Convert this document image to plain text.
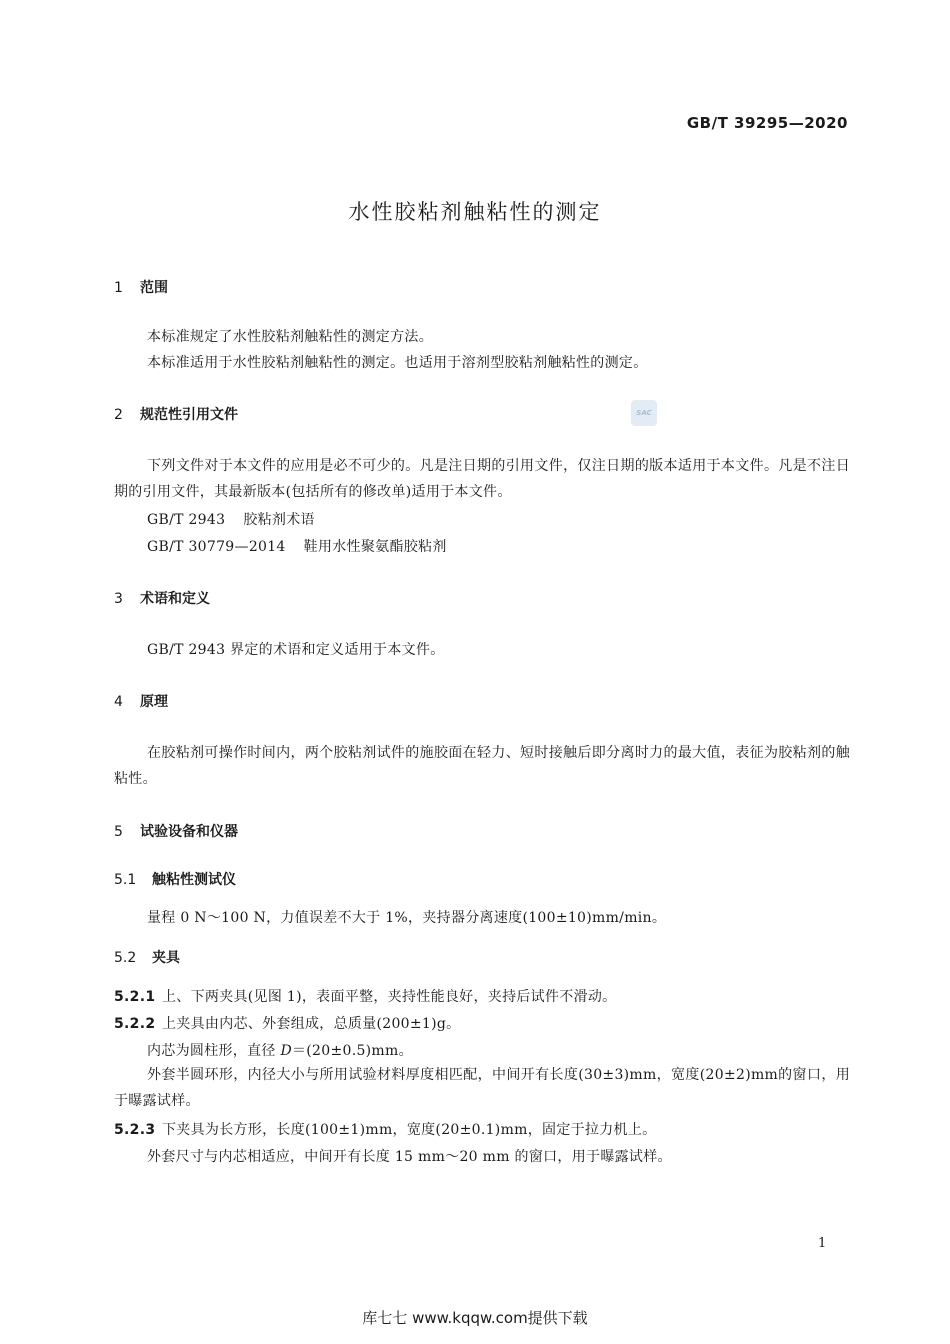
GB/T 39295—2020
水性胶粘剂触粘性的测定
1 范围
本标准规定了水性胶粘剂触粘性的测定方法。
本标准适用于水性胶粘剂触粘性的测定。也适用于溶剂型胶粘剂触粘性的测定。
2 规范性引用文件	SAC
下列文件对于本文件的应用是必不可少的。凡是注日期的引用文件，仅注日期的版本适用于本文件。凡是不注日期的引用文件，其最新版本(包括所有的修改单)适用于本文件。
GB/T 2943 胶粘剂术语
GB/T 30779—2014 鞋用水性聚氨酯胶粘剂
3 术语和定义
GB/T 2943 界定的术语和定义适用于本文件。
4 原理
在胶粘剂可操作时间内，两个胶粘剂试件的施胶面在轻力、短时接触后即分离时力的最大值，表征为胶粘剂的触粘性。
5 试验设备和仪器
5.1 触粘性测试仪
量程 0 N～100 N，力值误差不大于 1%，夹持器分离速度(100±10)mm/min。
5.2 夹具
5.2.1 上、下两夹具(见图 1)，表面平整，夹持性能良好，夹持后试件不滑动。
5.2.2 上夹具由内芯、外套组成，总质量(200±1)g。
内芯为圆柱形，直径 D＝(20±0.5)mm。
外套半圆环形，内径大小与所用试验材料厚度相匹配，中间开有长度(30±3)mm，宽度(20±2)mm的窗口，用于曝露试样。
5.2.3 下夹具为长方形，长度(100±1)mm，宽度(20±0.1)mm，固定于拉力机上。
外套尺寸与内芯相适应，中间开有长度 15 mm～20 mm 的窗口，用于曝露试样。
1
库七七 www.kqqw.com提供下载
